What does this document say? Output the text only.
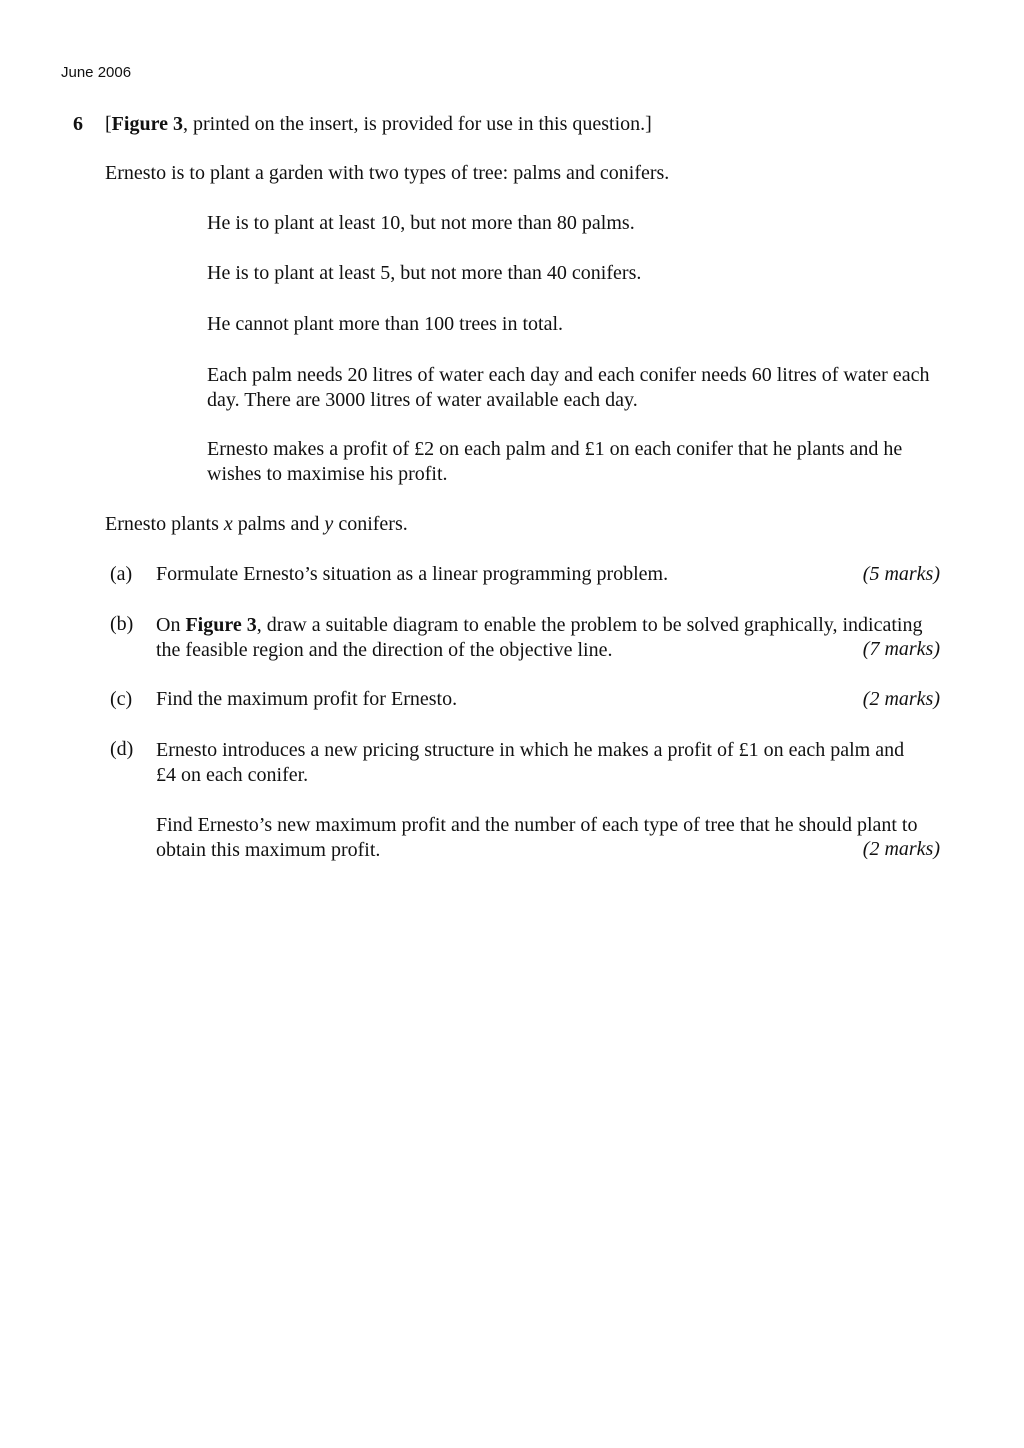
June 2006
6 [Figure 3, printed on the insert, is provided for use in this question.]
Ernesto is to plant a garden with two types of tree: palms and conifers.
He is to plant at least 10, but not more than 80 palms.
He is to plant at least 5, but not more than 40 conifers.
He cannot plant more than 100 trees in total.
Each palm needs 20 litres of water each day and each conifer needs 60 litres of water each day. There are 3000 litres of water available each day.
Ernesto makes a profit of £2 on each palm and £1 on each conifer that he plants and he wishes to maximise his profit.
Ernesto plants x palms and y conifers.
(a) Formulate Ernesto’s situation as a linear programming problem.	(5 marks)
(b) On Figure 3, draw a suitable diagram to enable the problem to be solved graphically, indicating the feasible region and the direction of the objective line.	(7 marks)
(c) Find the maximum profit for Ernesto.	(2 marks)
(d) Ernesto introduces a new pricing structure in which he makes a profit of £1 on each palm and £4 on each conifer.
Find Ernesto’s new maximum profit and the number of each type of tree that he should plant to obtain this maximum profit.	(2 marks)
